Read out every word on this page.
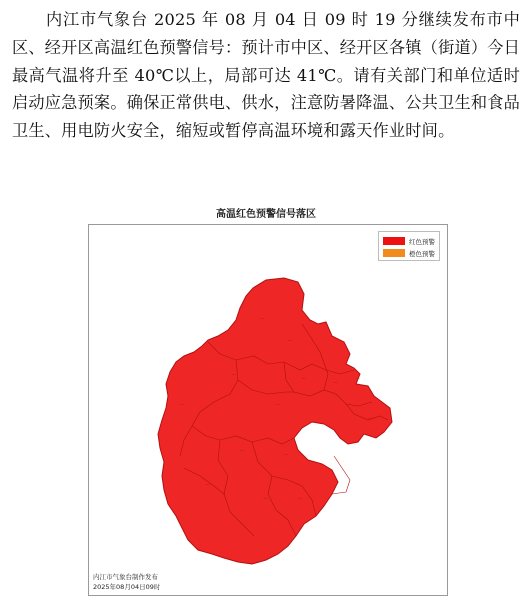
内江市气象台 2025 年 08 月 04 日 09 时 19 分继续发布市中区、经开区高温红色预警信号：预计市中区、经开区各镇（街道）今日最高气温将升至 40℃以上，局部可达 41℃。请有关部门和单位适时启动应急预案。确保正常供电、供水，注意防暑降温、公共卫生和食品卫生、用电防火安全，缩短或暂停高温环境和露天作业时间。

高温红色预警信号落区
···
···
···
···
···
···
···
···
···
···
···
···	···
···
红色预警
橙色预警
内江市气象台制作发布
2025年08月04日09时
